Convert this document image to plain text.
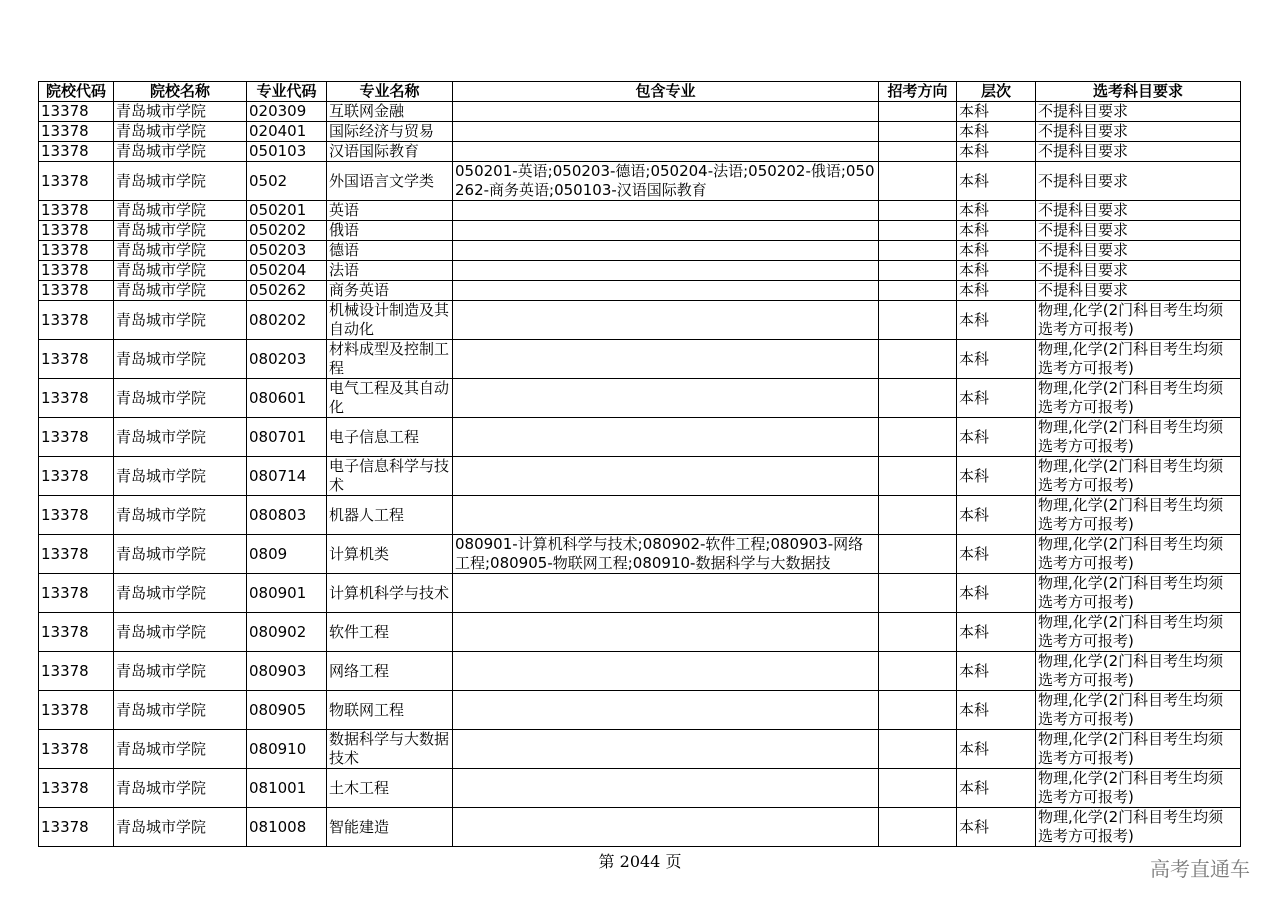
院校代码	院校名称	专业代码	专业名称	包含专业	招考方向	层次	选考科目要求
13378	青岛城市学院	020309	互联网金融			本科	不提科目要求
13378	青岛城市学院	020401	国际经济与贸易			本科	不提科目要求
13378	青岛城市学院	050103	汉语国际教育			本科	不提科目要求
13378	青岛城市学院	0502	外国语言文学类	050201-英语;050203-德语;050204-法语;050202-俄语;050262-商务英语;050103-汉语国际教育		本科	不提科目要求
13378	青岛城市学院	050201	英语			本科	不提科目要求
13378	青岛城市学院	050202	俄语			本科	不提科目要求
13378	青岛城市学院	050203	德语			本科	不提科目要求
13378	青岛城市学院	050204	法语			本科	不提科目要求
13378	青岛城市学院	050262	商务英语			本科	不提科目要求
13378	青岛城市学院	080202	机械设计制造及其自动化			本科	物理,化学(2门科目考生均须选考方可报考)
13378	青岛城市学院	080203	材料成型及控制工程			本科	物理,化学(2门科目考生均须选考方可报考)
13378	青岛城市学院	080601	电气工程及其自动化			本科	物理,化学(2门科目考生均须选考方可报考)
13378	青岛城市学院	080701	电子信息工程			本科	物理,化学(2门科目考生均须选考方可报考)
13378	青岛城市学院	080714	电子信息科学与技术			本科	物理,化学(2门科目考生均须选考方可报考)
13378	青岛城市学院	080803	机器人工程			本科	物理,化学(2门科目考生均须选考方可报考)
13378	青岛城市学院	0809	计算机类	080901-计算机科学与技术;080902-软件工程;080903-网络工程;080905-物联网工程;080910-数据科学与大数据技		本科	物理,化学(2门科目考生均须选考方可报考)
13378	青岛城市学院	080901	计算机科学与技术			本科	物理,化学(2门科目考生均须选考方可报考)
13378	青岛城市学院	080902	软件工程			本科	物理,化学(2门科目考生均须选考方可报考)
13378	青岛城市学院	080903	网络工程			本科	物理,化学(2门科目考生均须选考方可报考)
13378	青岛城市学院	080905	物联网工程			本科	物理,化学(2门科目考生均须选考方可报考)
13378	青岛城市学院	080910	数据科学与大数据技术			本科	物理,化学(2门科目考生均须选考方可报考)
13378	青岛城市学院	081001	土木工程			本科	物理,化学(2门科目考生均须选考方可报考)
13378	青岛城市学院	081008	智能建造			本科	物理,化学(2门科目考生均须选考方可报考)
第 2044 页	高考直通车
